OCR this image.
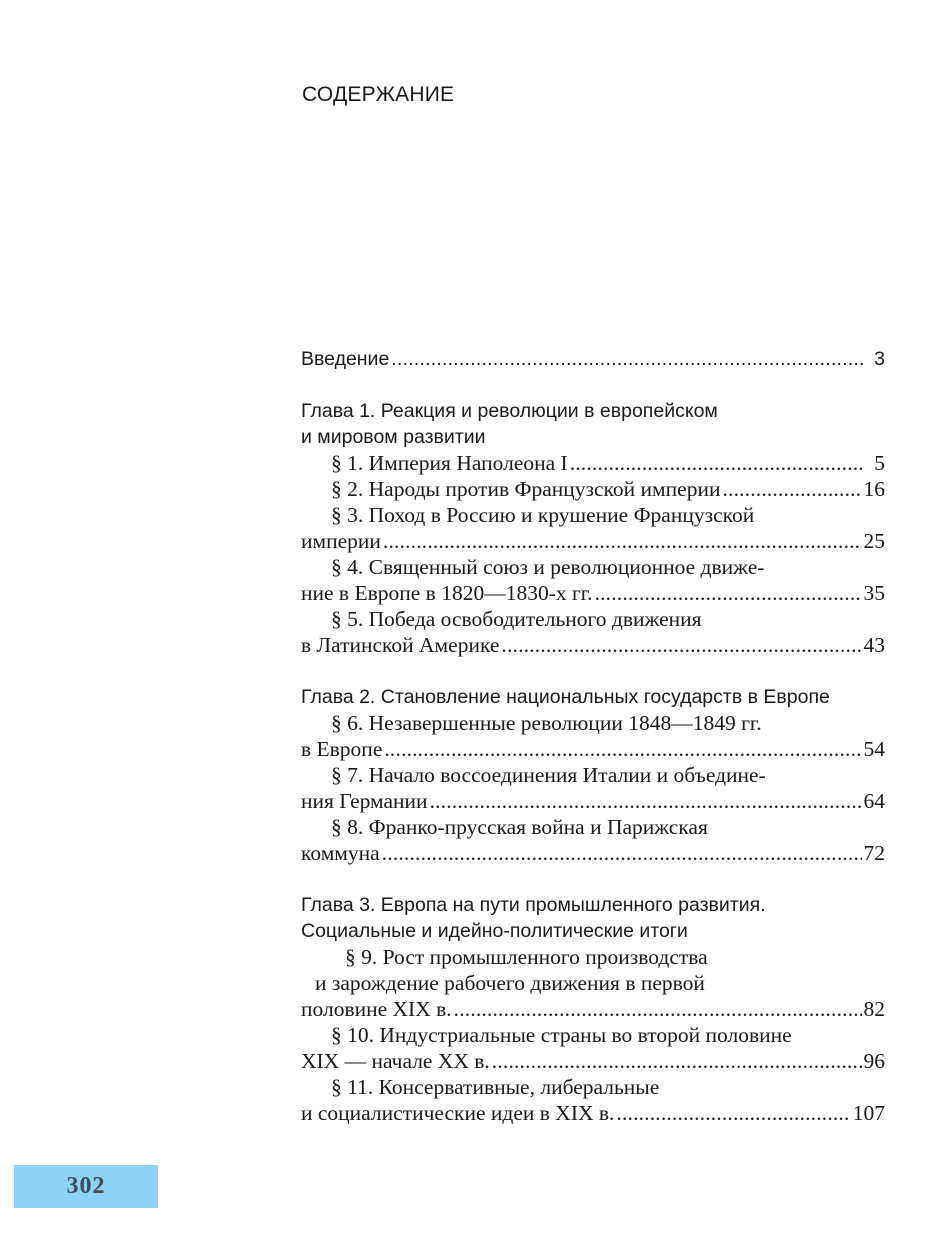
СОДЕРЖАНИЕ
Введение . . .	3
Глава 1. Реакция и революции в европейском
и мировом развитии
§ 1. Империя Наполеона I . . .	5
§ 2. Народы против Французской империи . . .	16
§ 3. Поход в Россию и крушение Французской
империи . . .	25
§ 4. Священный союз и революционное движе-
ние в Европе в 1820—1830-х гг. . . .	35
§ 5. Победа освободительного движения
в Латинской Америке . . .	43
Глава 2. Становление национальных государств в Европе
§ 6. Незавершенные революции 1848—1849 гг.
в Европе . . .	54
§ 7. Начало воссоединения Италии и объедине-
ния Германии . . .	64
§ 8. Франко-прусская война и Парижская
коммуна . . .	72
Глава 3. Европа на пути промышленного развития.
Социальные и идейно-политические итоги
§ 9. Рост промышленного производства
и зарождение рабочего движения в первой
половине XIX в. . . .	82
§ 10. Индустриальные страны во второй половине
XIX — начале XX в. . . .	96
§ 11. Консервативные, либеральные
и социалистические идеи в XIX в. . . .	107
302
